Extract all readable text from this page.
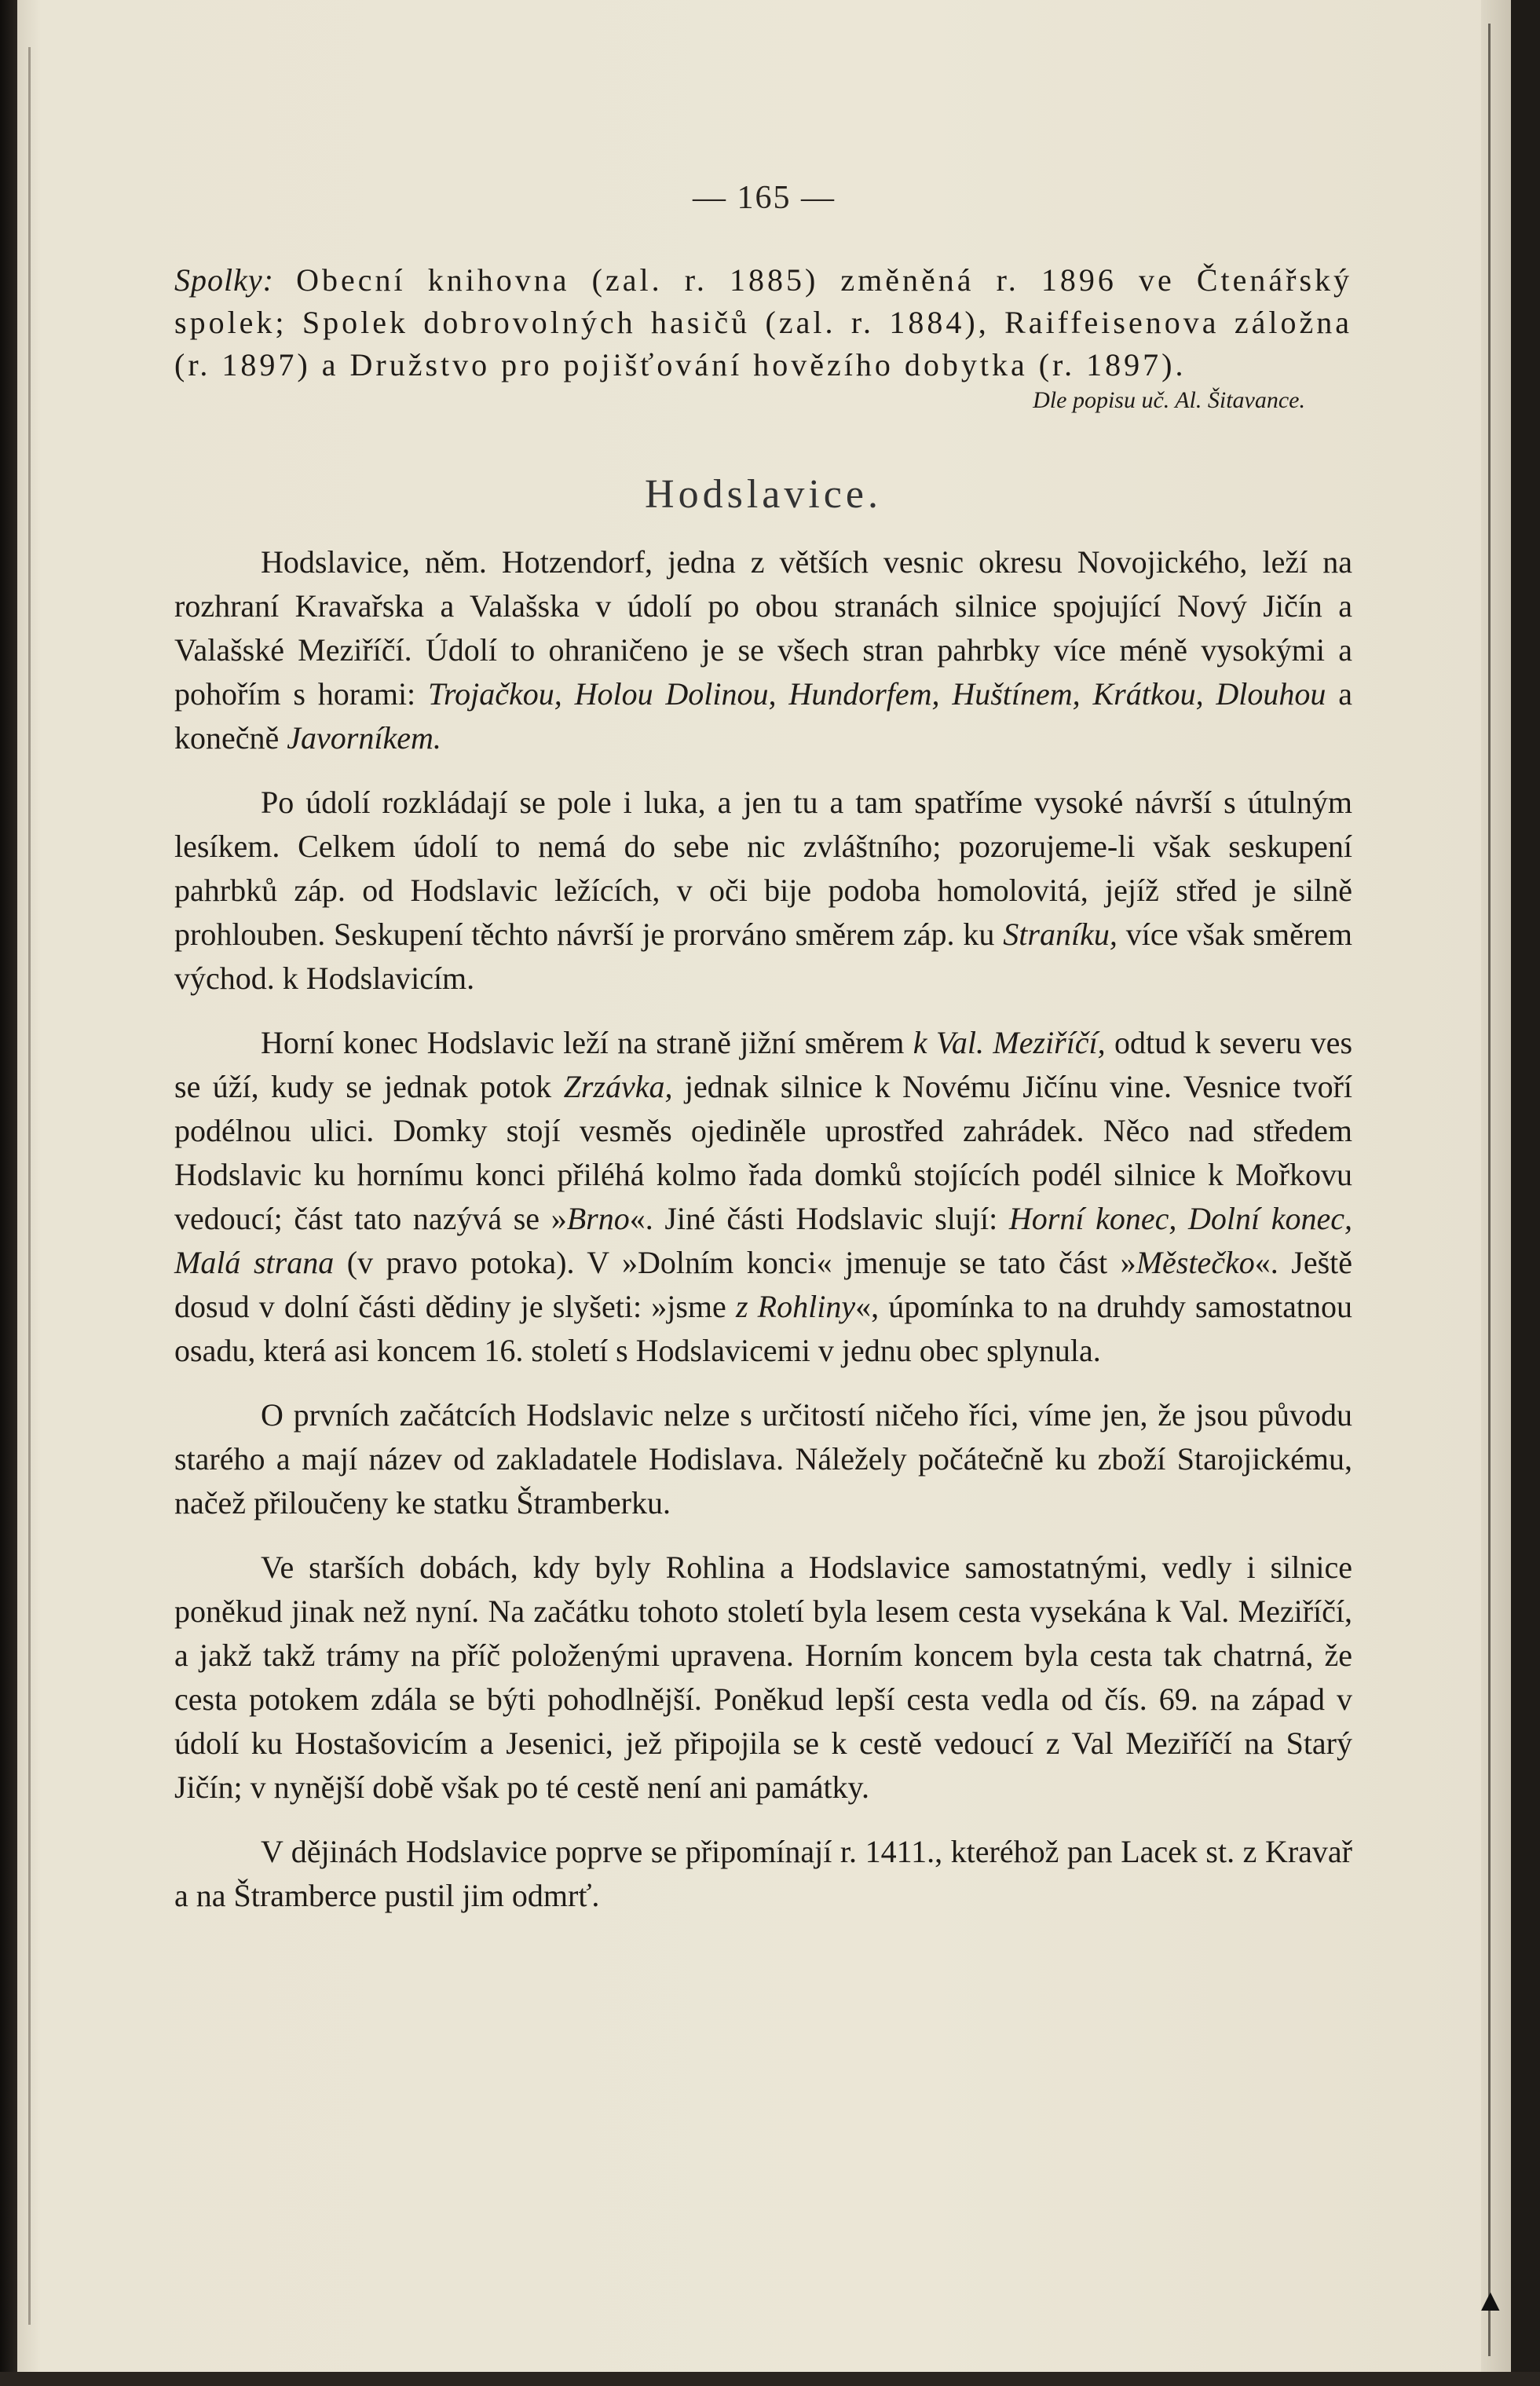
— 165 —

Spolky: Obecní knihovna (zal. r. 1885) změněná r. 1896 ve Čtenářský spolek; Spolek dobrovolných hasičů (zal. r. 1884), Raiffeisenova záložna (r. 1897) a Družstvo pro pojišťování hovězího dobytka (r. 1897).

Dle popisu uč. Al. Šitavance.

Hodslavice.

Hodslavice, něm. Hotzendorf, jedna z větších vesnic okresu Novojického, leží na rozhraní Kravařska a Valašska v údolí po obou stranách silnice spojující Nový Jičín a Valašské Meziříčí. Údolí to ohraničeno je se všech stran pahrbky více méně vysokými a pohořím s horami: Trojačkou, Holou Dolinou, Hundorfem, Huštínem, Krátkou, Dlouhou a konečně Javorníkem.

Po údolí rozkládají se pole i luka, a jen tu a tam spatříme vysoké návrší s útulným lesíkem. Celkem údolí to nemá do sebe nic zvláštního; pozorujeme-li však seskupení pahrbků záp. od Hodslavic ležících, v oči bije podoba homolovitá, jejíž střed je silně prohlouben. Seskupení těchto návrší je prorváno směrem záp. ku Straníku, více však směrem východ. k Hodslavicím.

Horní konec Hodslavic leží na straně jižní směrem k Val. Meziříčí, odtud k severu ves se úží, kudy se jednak potok Zrzávka, jednak silnice k Novému Jičínu vine. Vesnice tvoří podélnou ulici. Domky stojí vesměs ojediněle uprostřed zahrádek. Něco nad středem Hodslavic ku hornímu konci přiléhá kolmo řada domků stojících podél silnice k Mořkovu vedoucí; část tato nazývá se »Brno«. Jiné části Hodslavic slují: Horní konec, Dolní konec, Malá strana (v pravo potoka). V »Dolním konci« jmenuje se tato část »Městečko«. Ještě dosud v dolní části dědiny je slyšeti: »jsme z Rohliny«, úpomínka to na druhdy samostatnou osadu, která asi koncem 16. století s Hodslavicemi v jednu obec splynula.

O prvních začátcích Hodslavic nelze s určitostí ničeho říci, víme jen, že jsou původu starého a mají název od zakladatele Hodislava. Náležely počátečně ku zboží Starojickému, načež přiloučeny ke statku Štramberku.

Ve starších dobách, kdy byly Rohlina a Hodslavice samostatnými, vedly i silnice poněkud jinak než nyní. Na začátku tohoto století byla lesem cesta vysekána k Val. Meziříčí, a jakž takž trámy na příč položenými upravena. Horním koncem byla cesta tak chatrná, že cesta potokem zdála se býti pohodlnější. Poněkud lepší cesta vedla od čís. 69. na západ v údolí ku Hostašovicím a Jesenici, jež připojila se k cestě vedoucí z Val Meziříčí na Starý Jičín; v nynější době však po té cestě není ani památky.

V dějinách Hodslavice poprve se připomínají r. 1411., kteréhož pan Lacek st. z Kravař a na Štramberce pustil jim odmrť.

▲
